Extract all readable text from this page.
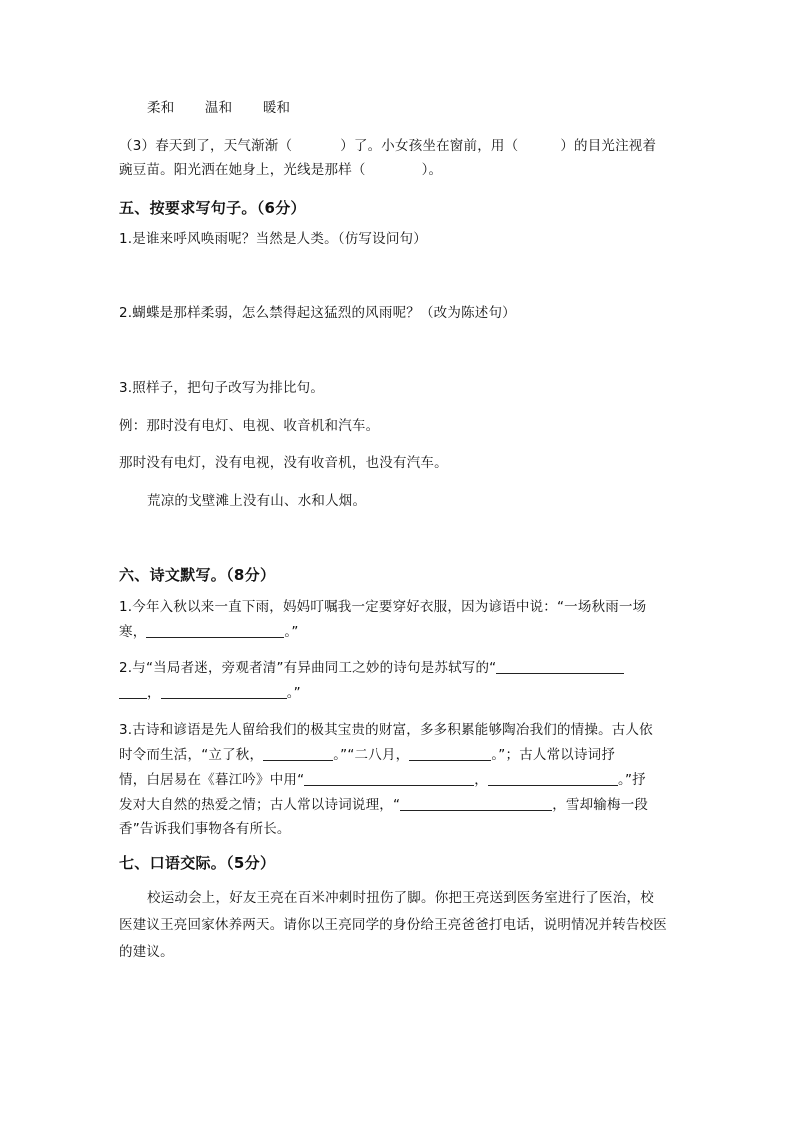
柔和 温和 暖和
（3）春天到了，天气渐渐（	）了。小女孩坐在窗前，用（	）的目光注视着
豌豆苗。阳光洒在她身上，光线是那样（	）。
五、按要求写句子。（6分）
1.是谁来呼风唤雨呢？当然是人类。（仿写设问句）
2.蝴蝶是那样柔弱，怎么禁得起这猛烈的风雨呢？（改为陈述句）
3.照样子，把句子改写为排比句。
例：那时没有电灯、电视、收音机和汽车。
那时没有电灯，没有电视，没有收音机，也没有汽车。
荒凉的戈壁滩上没有山、水和人烟。
六、诗文默写。（8分）
1.今年入秋以来一直下雨，妈妈叮嘱我一定要穿好衣服，因为谚语中说：“一场秋雨一场
寒，	。”
2.与“当局者迷，旁观者清”有异曲同工之妙的诗句是苏轼写的“
，	。”
3.古诗和谚语是先人留给我们的极其宝贵的财富，多多积累能够陶冶我们的情操。古人依
时令而生活，“立了秋，	。”“二八月，	。”；古人常以诗词抒
情，白居易在《暮江吟》中用“	，	。”抒
发对大自然的热爱之情；古人常以诗词说理，“	，雪却输梅一段
香”告诉我们事物各有所长。
七、口语交际。（5分）
校运动会上，好友王亮在百米冲刺时扭伤了脚。你把王亮送到医务室进行了医治，校
医建议王亮回家休养两天。请你以王亮同学的身份给王亮爸爸打电话，说明情况并转告校医
的建议。
